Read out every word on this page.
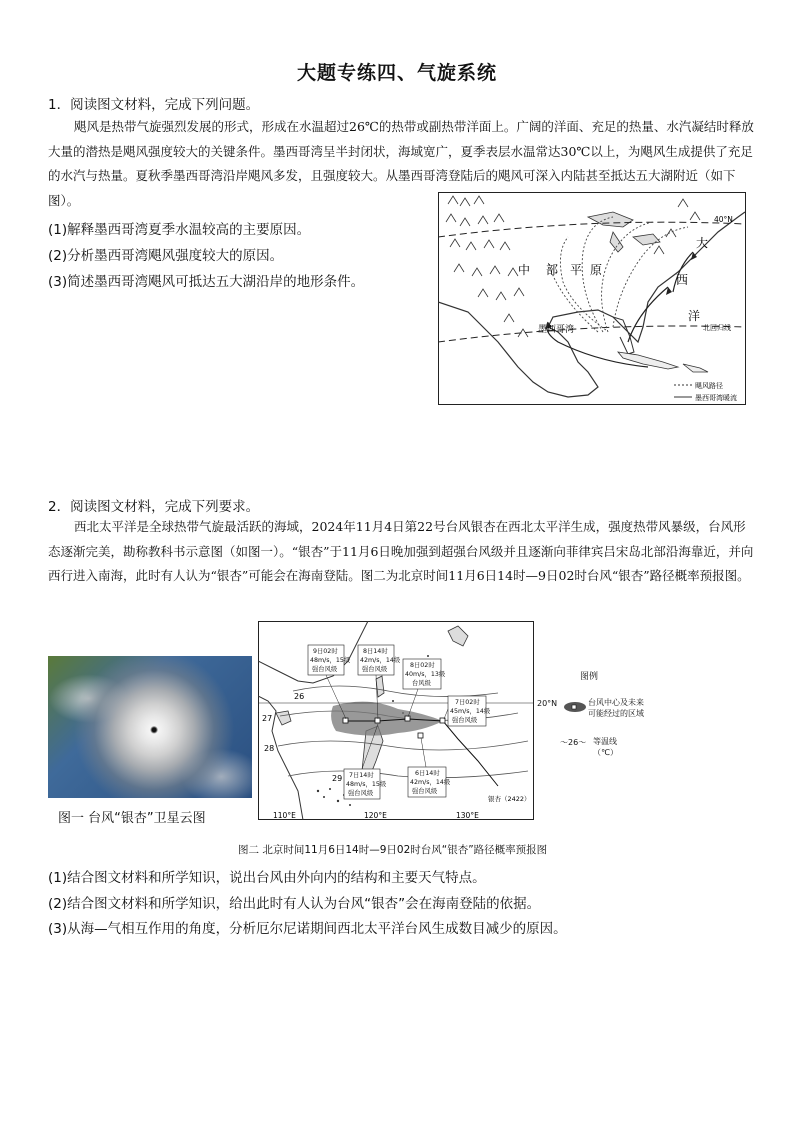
大题专练四、气旋系统
1．阅读图文材料，完成下列问题。
飓风是热带气旋强烈发展的形式，形成在水温超过26℃的热带或副热带洋面上。广阔的洋面、充足的热量、水汽凝结时释放大量的潜热是飓风强度较大的关键条件。墨西哥湾呈半封闭状，海域宽广，夏季表层水温常达30℃以上，为飓风生成提供了充足的水汽与热量。夏秋季墨西哥湾沿岸飓风多发，且强度较大。从墨西哥湾登陆后的飓风可深入内陆甚至抵达五大湖附近（如下图）。
(1)解释墨西哥湾夏季水温较高的主要原因。
(2)分析墨西哥湾飓风强度较大的原因。
(3)简述墨西哥湾飓风可抵达五大湖沿岸的地形条件。
40°N
北回归线
中 部 平 原
大
西
洋
墨西哥湾
飓风路径
墨西哥湾暖流
2．阅读图文材料，完成下列要求。
西北太平洋是全球热带气旋最活跃的海域，2024年11月4日第22号台风银杏在西北太平洋生成，强度热带风暴级，台风形态逐渐完美，勘称教科书示意图（如图一）。“银杏”于11月6日晚加强到超强台风级并且逐渐向菲律宾吕宋岛北部沿海靠近，并向西行进入南海，此时有人认为“银杏”可能会在海南登陆。图二为北京时间11月6日14时—9日02时台风“银杏”路径概率预报图。
图一 台风“银杏”卫星云图
26
27
28
29
9日02时
48m/s，15级
强台风级
8日14时
42m/s，14级
强台风级
8日02时
40m/s，13级
台风级
7日02时
45m/s，14级
强台风级
7日14时
48m/s，15级
强台风级
6日14时
42m/s，14级
强台风级
银杏（2422）
110°E	120°E	130°E
20°N
图例
台风中心及未来
可能经过的区域
～26～ 等温线
（℃）
图二 北京时间11月6日14时—9日02时台风“银杏”路径概率预报图
(1)结合图文材料和所学知识，说出台风由外向内的结构和主要天气特点。
(2)结合图文材料和所学知识，给出此时有人认为台风“银杏”会在海南登陆的依据。
(3)从海—气相互作用的角度，分析厄尔尼诺期间西北太平洋台风生成数目减少的原因。
